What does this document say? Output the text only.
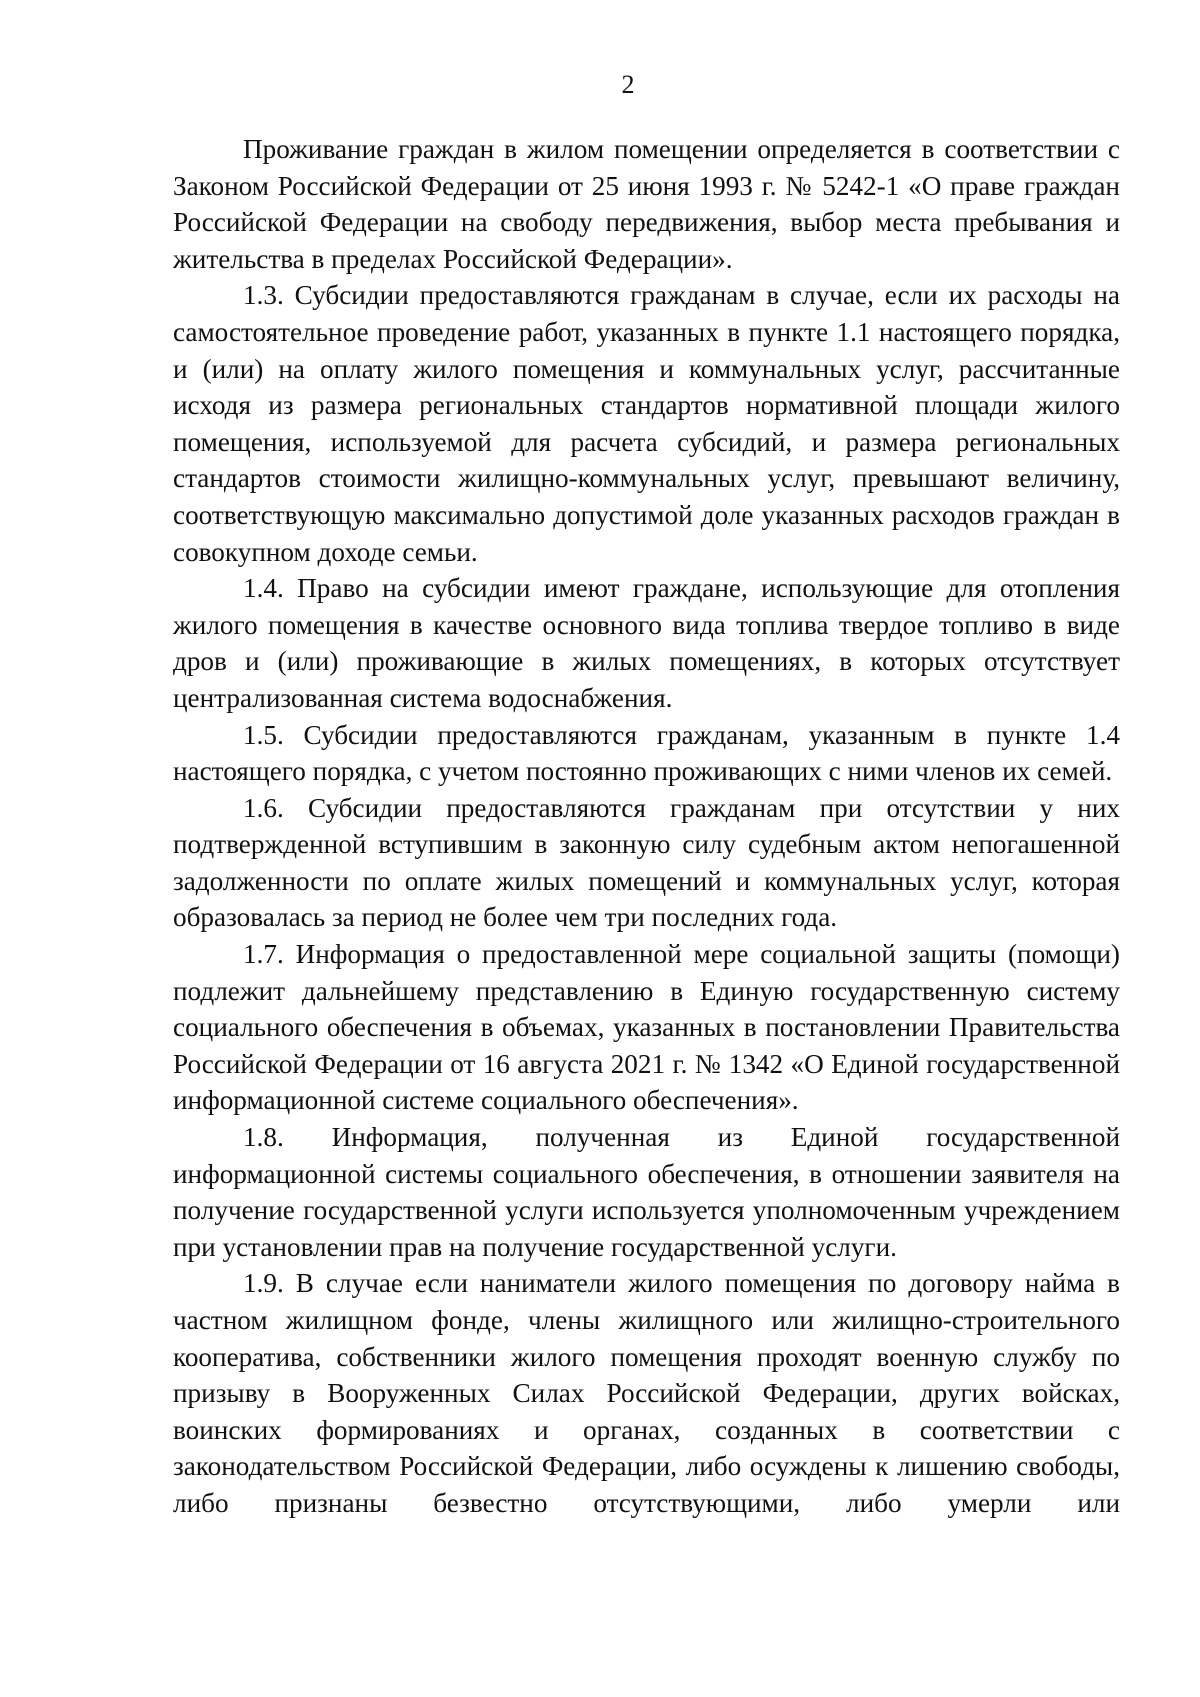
2

Проживание граждан в жилом помещении определяется в соответствии с Законом Российской Федерации от 25 июня 1993 г. № 5242-1 «О праве граждан Российской Федерации на свободу передвижения, выбор места пребывания и жительства в пределах Российской Федерации».

1.3. Субсидии предоставляются гражданам в случае, если их расходы на самостоятельное проведение работ, указанных в пункте 1.1 настоящего порядка, и (или) на оплату жилого помещения и коммунальных услуг, рассчитанные исходя из размера региональных стандартов нормативной площади жилого помещения, используемой для расчета субсидий, и размера региональных стандартов стоимости жилищно-коммунальных услуг, превышают величину, соответствующую максимально допустимой доле указанных расходов граждан в совокупном доходе семьи.

1.4. Право на субсидии имеют граждане, использующие для отопления жилого помещения в качестве основного вида топлива твердое топливо в виде дров и (или) проживающие в жилых помещениях, в которых отсутствует централизованная система водоснабжения.

1.5. Субсидии предоставляются гражданам, указанным в пункте 1.4 настоящего порядка, с учетом постоянно проживающих с ними членов их семей.

1.6. Субсидии предоставляются гражданам при отсутствии у них подтвержденной вступившим в законную силу судебным актом непогашенной задолженности по оплате жилых помещений и коммунальных услуг, которая образовалась за период не более чем три последних года.

1.7. Информация о предоставленной мере социальной защиты (помощи) подлежит дальнейшему представлению в Единую государственную систему социального обеспечения в объемах, указанных в постановлении Правительства Российской Федерации от 16 августа 2021 г. № 1342 «О Единой государственной информационной системе социального обеспечения».

1.8. Информация, полученная из Единой государственной информационной системы социального обеспечения, в отношении заявителя на получение государственной услуги используется уполномоченным учреждением при установлении прав на получение государственной услуги.

1.9. В случае если наниматели жилого помещения по договору найма в частном жилищном фонде, члены жилищного или жилищно-строительного кооператива, собственники жилого помещения проходят военную службу по призыву в Вооруженных Силах Российской Федерации, других войсках, воинских формированиях и органах, созданных в соответствии с законодательством Российской Федерации, либо осуждены к лишению свободы, либо признаны безвестно отсутствующими, либо умерли или
